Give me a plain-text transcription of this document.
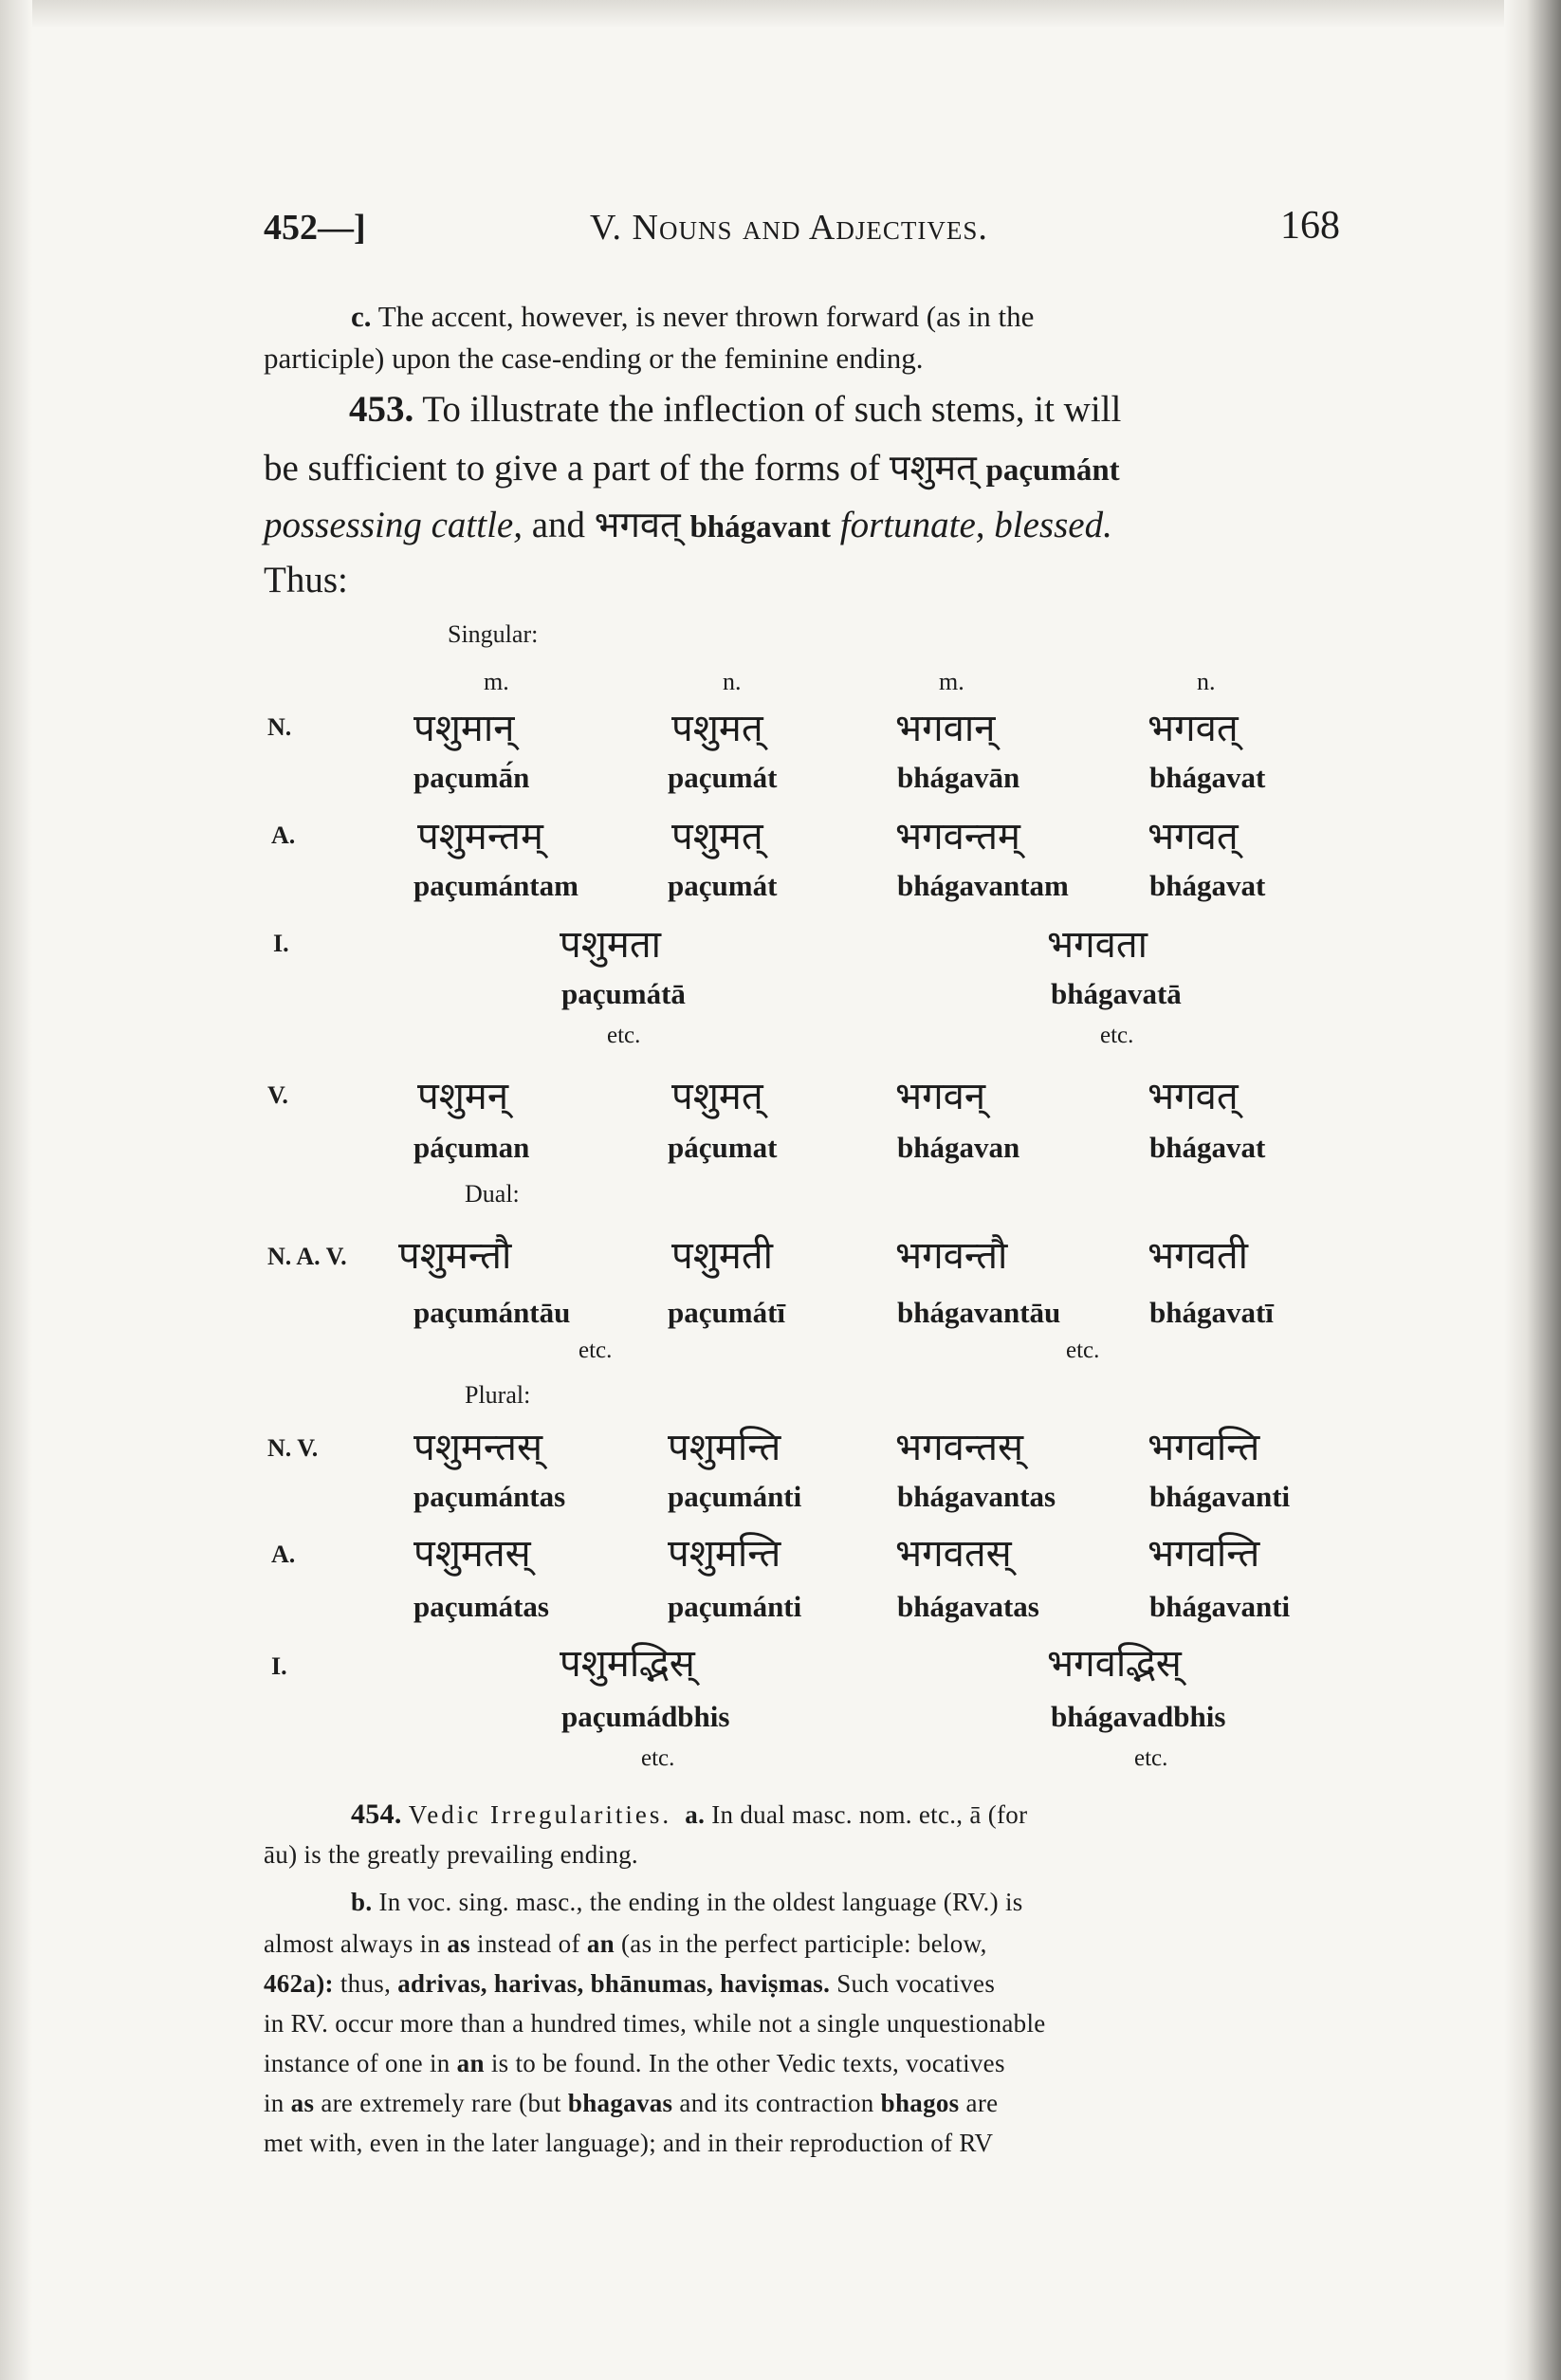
452—]	V. Nouns and Adjectives.	168
c. The accent, however, is never thrown forward (as in the
participle) upon the case-ending or the feminine ending.
453. To illustrate the inflection of such stems, it will
be sufficient to give a part of the forms of पशुमत् paçumánt
possessing cattle, and भगवत् bhágavant fortunate, blessed.
Thus:
Singular:
m.	n.	m.	n.
N.	पशुमान्	पशुमत्	भगवान्	भगवत्
paçumā́n	paçumát	bhágavān	bhágavat
A.	पशुमन्तम्	पशुमत्	भगवन्तम्	भगवत्
paçumántam	paçumát	bhágavantam	bhágavat
I.	पशुमता	भगवता
paçumátā	bhágavatā
etc.	etc.
V.	पशुमन्	पशुमत्	भगवन्	भगवत्
páçuman	páçumat	bhágavan	bhágavat
Dual:
N. A. V. पशुमन्तौ	पशुमती	भगवन्तौ	भगवती
paçumántāu	paçumátī	bhágavantāu	bhágavatī
etc.	etc.
Plural:
N. V.	पशुमन्तस्	पशुमन्ति	भगवन्तस्	भगवन्ति
paçumántas	paçumánti	bhágavantas	bhágavanti
A.	पशुमतस्	पशुमन्ति	भगवतस्	भगवन्ति
paçumátas	paçumánti	bhágavatas	bhágavanti
I.	पशुमद्भिस्	भगवद्भिस्
paçumádbhis	bhágavadbhis
etc.	etc.
454. Vedic Irregularities. a. In dual masc. nom. etc., ā (for
āu) is the greatly prevailing ending.
b. In voc. sing. masc., the ending in the oldest language (RV.) is
almost always in as instead of an (as in the perfect participle: below,
462a): thus, adrivas, harivas, bhānumas, haviṣmas. Such vocatives
in RV. occur more than a hundred times, while not a single unquestionable
instance of one in an is to be found. In the other Vedic texts, vocatives
in as are extremely rare (but bhagavas and its contraction bhagos are
met with, even in the later language); and in their reproduction of RV
